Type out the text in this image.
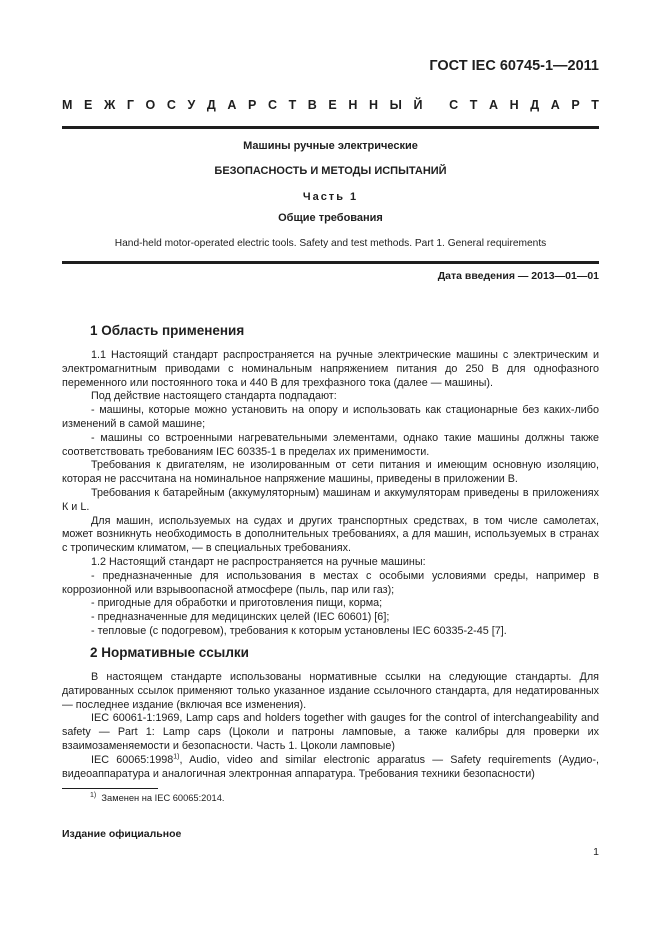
ГОСТ IEC 60745-1—2011
М Е Ж Г О С У Д А Р С Т В Е Н Н Ы Й
С Т А Н Д А Р Т
Машины ручные электрические
БЕЗОПАСНОСТЬ И МЕТОДЫ ИСПЫТАНИЙ
Часть 1
Общие требования
Hand-held motor-operated electric tools. Safety and test methods. Part 1. General requirements
Дата введения — 2013—01—01
1 Область применения

1.1 Настоящий стандарт распространяется на ручные электрические машины с электрическим и электромагнитным приводами с номинальным напряжением питания до 250 В для однофазного переменного или постоянного тока и 440 В для трехфазного тока (далее — машины).

Под действие настоящего стандарта подпадают:

- машины, которые можно установить на опору и использовать как стационарные без каких-либо изменений в самой машине;

- машины со встроенными нагревательными элементами, однако такие машины должны также соответствовать требованиям IEC 60335-1 в пределах их применимости.

Требования к двигателям, не изолированным от сети питания и имеющим основную изоляцию, которая не рассчитана на номинальное напряжение машины, приведены в приложении В.

Требования к батарейным (аккумуляторным) машинам и аккумуляторам приведены в приложениях К и L.

Для машин, используемых на судах и других транспортных средствах, в том числе самолетах, может возникнуть необходимость в дополнительных требованиях, а для машин, используемых в странах с тропическим климатом, — в специальных требованиях.

1.2 Настоящий стандарт не распространяется на ручные машины:

- предназначенные для использования в местах с особыми условиями среды, например в коррозионной или взрывоопасной атмосфере (пыль, пар или газ);

- пригодные для обработки и приготовления пищи, корма;

- предназначенные для медицинских целей (IEC 60601) [6];

- тепловые (с подогревом), требования к которым установлены IEC 60335-2-45 [7].

2 Нормативные ссылки

В настоящем стандарте использованы нормативные ссылки на следующие стандарты. Для датированных ссылок применяют только указанное издание ссылочного стандарта, для недатированных — последнее издание (включая все изменения).

IEC 60061-1:1969, Lamp caps and holders together with gauges for the control of interchangeability and safety — Part 1: Lamp caps (Цоколи и патроны ламповые, а также калибры для проверки их взаимозаменяемости и безопасности. Часть 1. Цоколи ламповые)

IEC 60065:1998$^{1)}$, Audio, video and similar electronic apparatus — Safety requirements (Аудио-, видеоаппаратура и аналогичная электронная аппаратура. Требования техники безопасности)

$^{1)}$ Заменен на IEC 60065:2014.
Издание официальное
1
